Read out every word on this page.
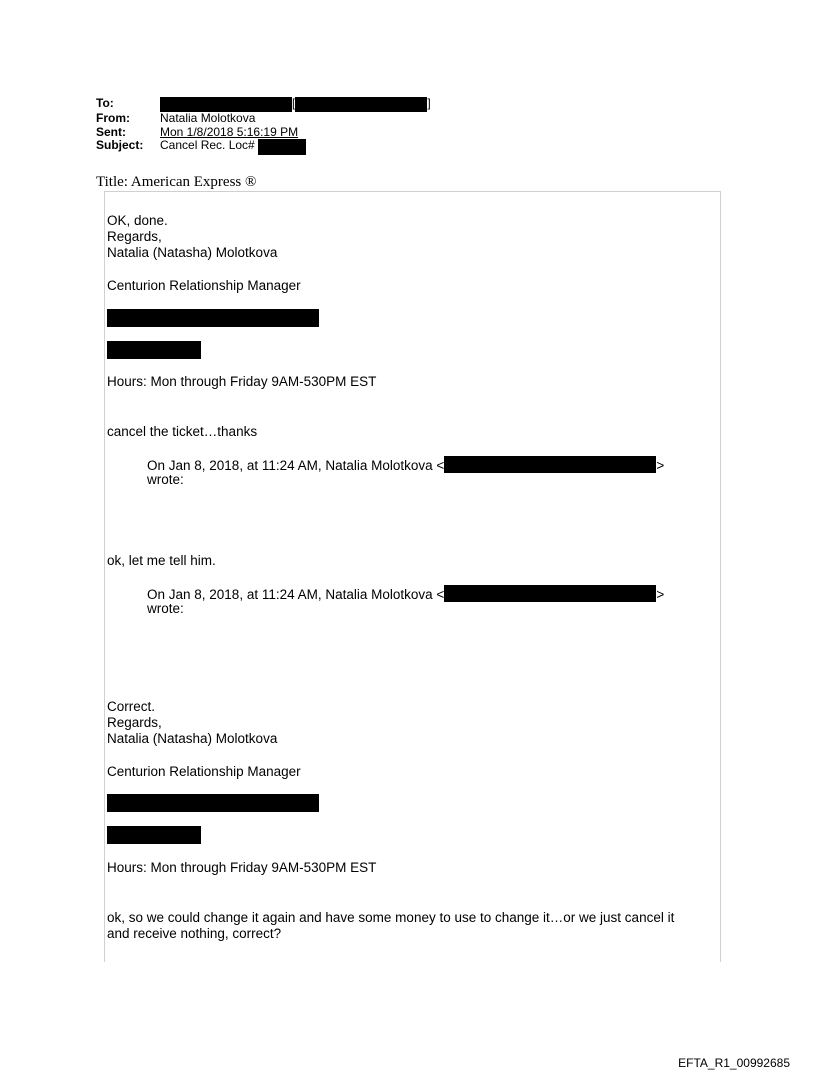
To:	[	]
From:	Natalia Molotkova
Sent:	Mon 1/8/2018 5:16:19 PM
Subject:	Cancel Rec. Loc#
Title: American Express ®
OK, done.
Regards,
Natalia (Natasha) Molotkova
Centurion Relationship Manager
Hours: Mon through Friday 9AM-530PM EST
cancel the ticket…thanks
On Jan 8, 2018, at 11:24 AM, Natalia Molotkova <	>
wrote:
ok, let me tell him.
On Jan 8, 2018, at 11:24 AM, Natalia Molotkova <	>
wrote:
Correct.
Regards,
Natalia (Natasha) Molotkova
Centurion Relationship Manager
Hours: Mon through Friday 9AM-530PM EST
ok, so we could change it again and have some money to use to change it…or we just cancel it
and receive nothing, correct?
EFTA_R1_00992685
